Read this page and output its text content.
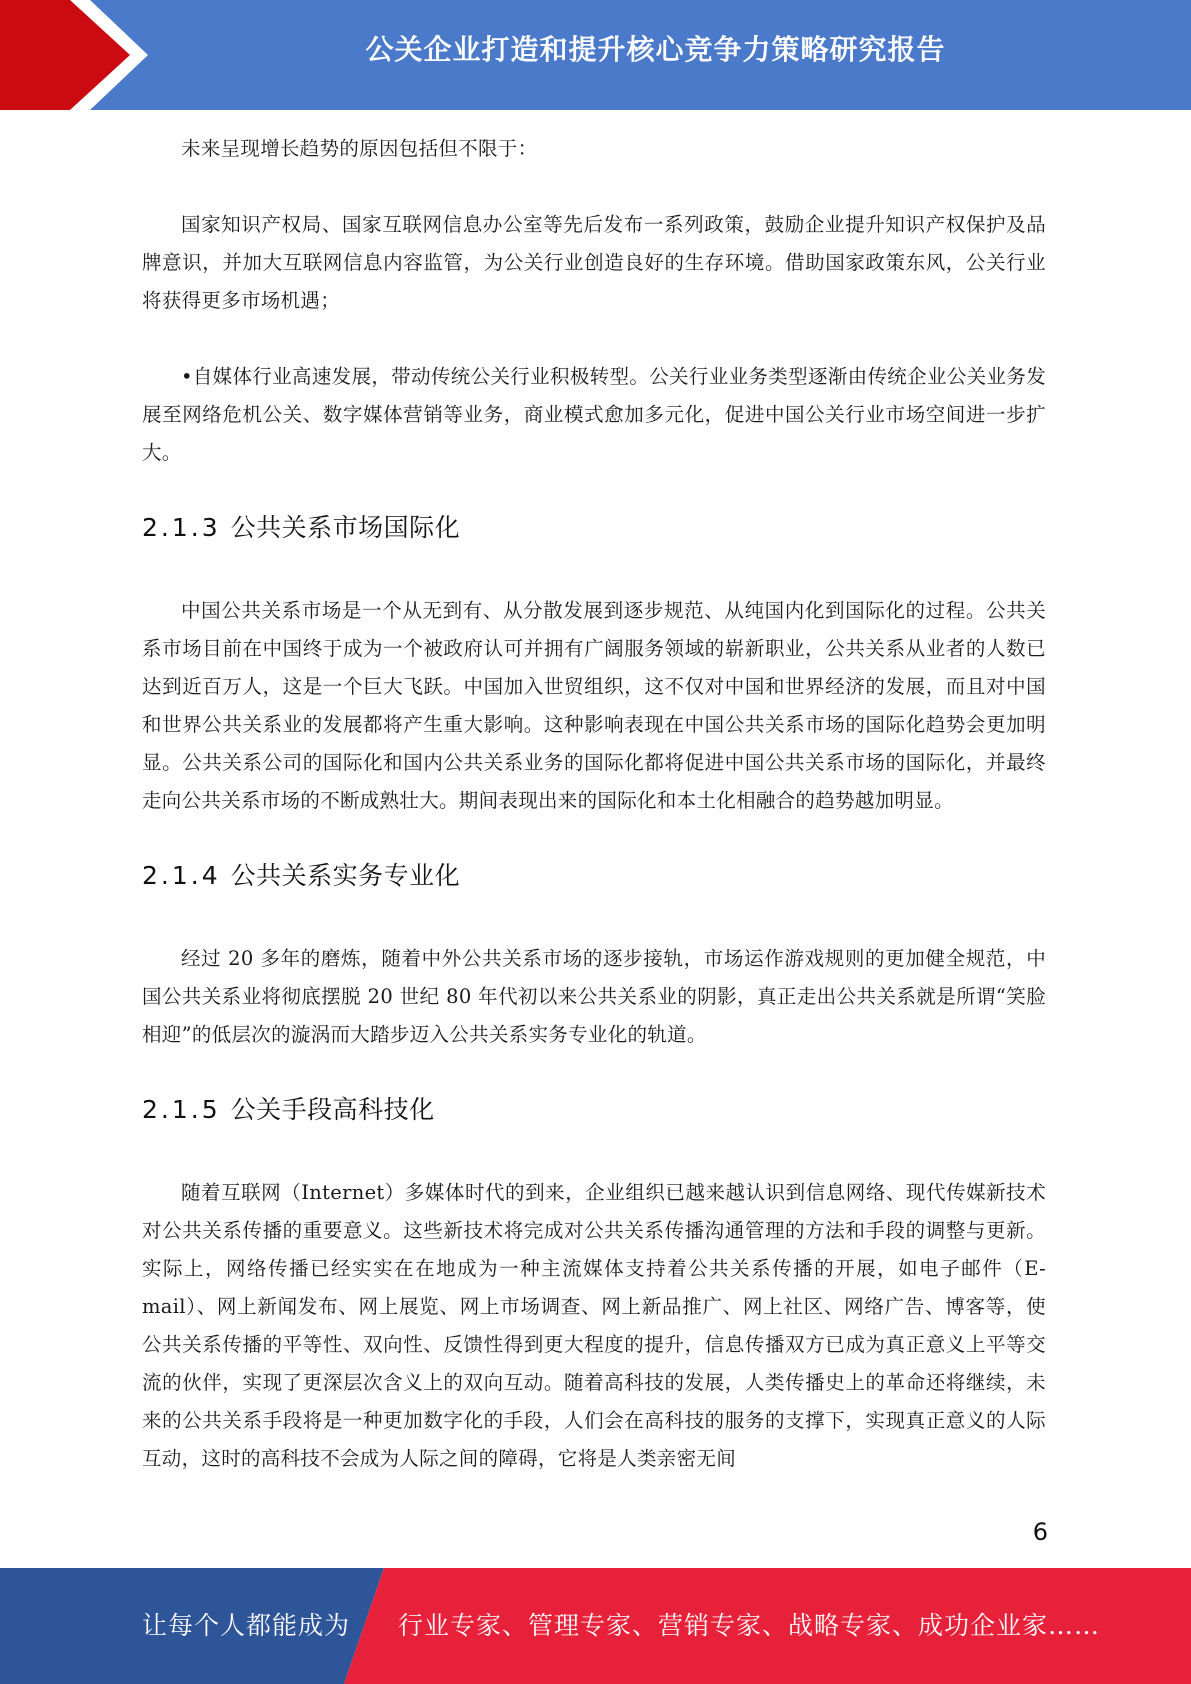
公关企业打造和提升核心竞争力策略研究报告

未来呈现增长趋势的原因包括但不限于：

国家知识产权局、国家互联网信息办公室等先后发布一系列政策，鼓励企业提升知识产权保护及品牌意识，并加大互联网信息内容监管，为公关行业创造良好的生存环境。借助国家政策东风，公关行业将获得更多市场机遇；

•自媒体行业高速发展，带动传统公关行业积极转型。公关行业业务类型逐渐由传统企业公关业务发展至网络危机公关、数字媒体营销等业务，商业模式愈加多元化，促进中国公关行业市场空间进一步扩大。

2.1.3 公共关系市场国际化

中国公共关系市场是一个从无到有、从分散发展到逐步规范、从纯国内化到国际化的过程。公共关系市场目前在中国终于成为一个被政府认可并拥有广阔服务领域的崭新职业，公共关系从业者的人数已达到近百万人，这是一个巨大飞跃。中国加入世贸组织，这不仅对中国和世界经济的发展，而且对中国和世界公共关系业的发展都将产生重大影响。这种影响表现在中国公共关系市场的国际化趋势会更加明显。公共关系公司的国际化和国内公共关系业务的国际化都将促进中国公共关系市场的国际化，并最终走向公共关系市场的不断成熟壮大。期间表现出来的国际化和本土化相融合的趋势越加明显。

2.1.4 公共关系实务专业化

经过 20 多年的磨炼，随着中外公共关系市场的逐步接轨，市场运作游戏规则的更加健全规范，中国公共关系业将彻底摆脱 20 世纪 80 年代初以来公共关系业的阴影，真正走出公共关系就是所谓“笑脸相迎”的低层次的漩涡而大踏步迈入公共关系实务专业化的轨道。

2.1.5 公关手段高科技化

随着互联网（Internet）多媒体时代的到来，企业组织已越来越认识到信息网络、现代传媒新技术对公共关系传播的重要意义。这些新技术将完成对公共关系传播沟通管理的方法和手段的调整与更新。实际上，网络传播已经实实在在地成为一种主流媒体支持着公共关系传播的开展，如电子邮件（E-mail）、网上新闻发布、网上展览、网上市场调查、网上新品推广、网上社区、网络广告、博客等，使公共关系传播的平等性、双向性、反馈性得到更大程度的提升，信息传播双方已成为真正意义上平等交流的伙伴，实现了更深层次含义上的双向互动。随着高科技的发展，人类传播史上的革命还将继续，未来的公共关系手段将是一种更加数字化的手段，人们会在高科技的服务的支撑下，实现真正意义的人际互动，这时的高科技不会成为人际之间的障碍，它将是人类亲密无间

6
让每个人都能成为 行业专家、管理专家、营销专家、战略专家、成功企业家……
